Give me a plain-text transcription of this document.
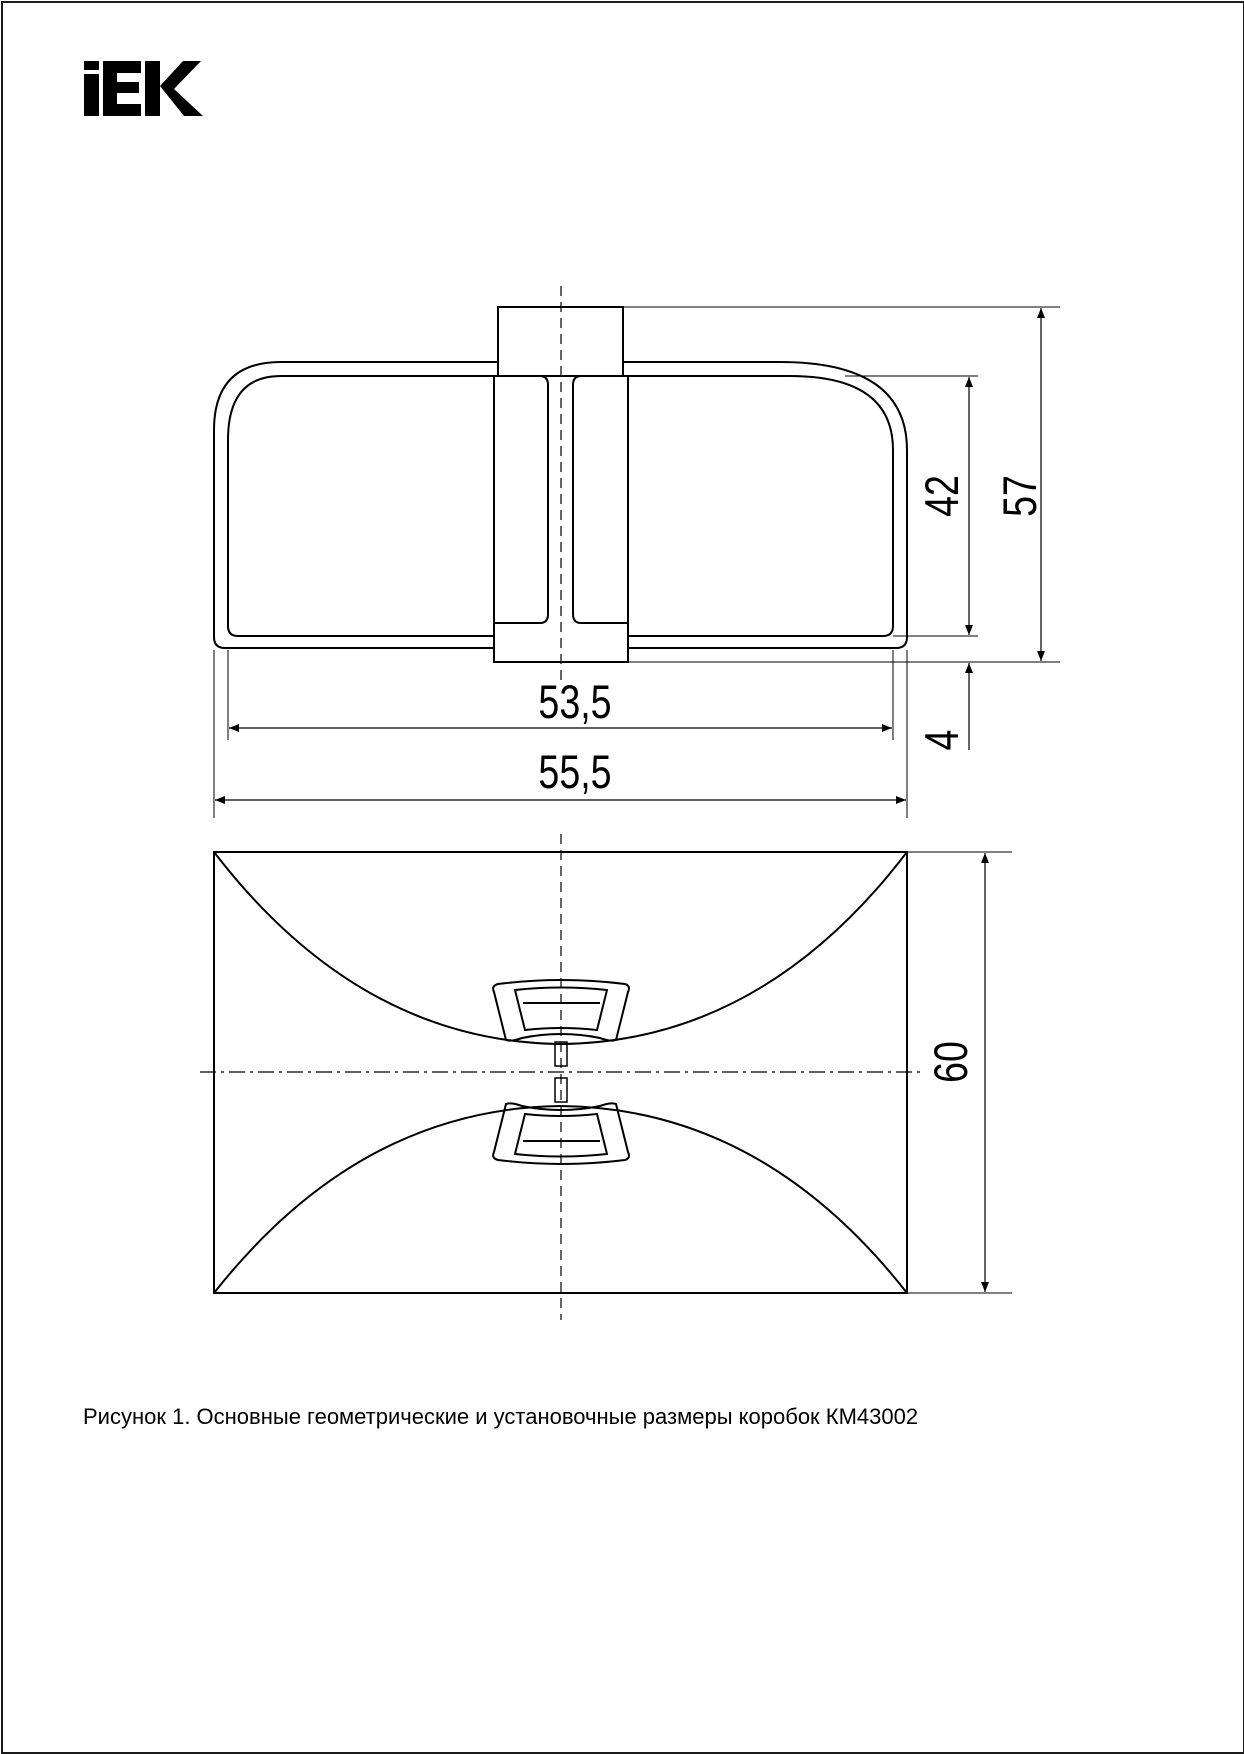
53,5
55,5
42 57
4
60
Рисунок 1. Основные геометрические и установочные размеры коробок КМ43002
